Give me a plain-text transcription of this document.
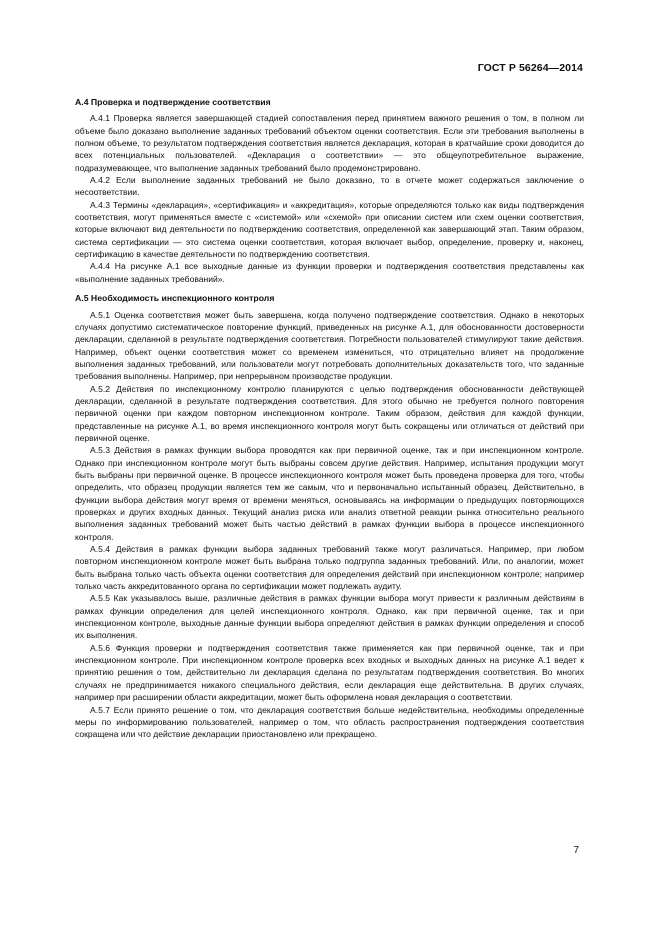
ГОСТ Р 56264—2014
А.4 Проверка и подтверждение соответствия

А.4.1 Проверка является завершающей стадией сопоставления перед принятием важного решения о том, в полном ли объеме было доказано выполнение заданных требований объектом оценки соответствия. Если эти требования выполнены в полном объеме, то результатом подтверждения соответствия является декларация, которая в кратчайшие сроки доводится до всех потенциальных пользователей. «Декларация о соответствии» — это общеупотребительное выражение, подразумевающее, что выполнение заданных требований было продемонстрировано.

А.4.2 Если выполнение заданных требований не было доказано, то в отчете может содержаться заключение о несоответствии.

А.4.3 Термины «декларация», «сертификация» и «аккредитация», которые определяются только как виды подтверждения соответствия, могут применяться вместе с «системой» или «схемой» при описании систем или схем оценки соответствия, которые включают вид деятельности по подтверждению соответствия, определенной как завершающий этап. Таким образом, система сертификации — это система оценки соответствия, которая включает выбор, определение, проверку и, наконец, сертификацию в качестве деятельности по подтверждению соответствия.

А.4.4 На рисунке А.1 все выходные данные из функции проверки и подтверждения соответствия представлены как «выполнение заданных требований».

А.5 Необходимость инспекционного контроля

А.5.1 Оценка соответствия может быть завершена, когда получено подтверждение соответствия. Однако в некоторых случаях допустимо систематическое повторение функций, приведенных на рисунке А.1, для обоснованности достоверности декларации, сделанной в результате подтверждения соответствия. Потребности пользователей стимулируют такие действия. Например, объект оценки соответствия может со временем измениться, что отрицательно влияет на продолжение выполнения заданных требований, или пользователи могут потребовать дополнительных доказательств того, что заданные требования выполнены. Например, при непрерывном производстве продукции.

А.5.2 Действия по инспекционному контролю планируются с целью подтверждения обоснованности действующей декларации, сделанной в результате подтверждения соответствия. Для этого обычно не требуется полного повторения первичной оценки при каждом повторном инспекционном контроле. Таким образом, действия для каждой функции, представленные на рисунке А.1, во время инспекционного контроля могут быть сокращены или отличаться от действий при первичной оценке.

А.5.3 Действия в рамках функции выбора проводятся как при первичной оценке, так и при инспекционном контроле. Однако при инспекционном контроле могут быть выбраны совсем другие действия. Например, испытания продукции могут быть выбраны при первичной оценке. В процессе инспекционного контроля может быть проведена проверка для того, чтобы определить, что образец продукции является тем же самым, что и первоначально испытанный образец. Действительно, в функции выбора действия могут время от времени меняться, основываясь на информации о предыдущих повторяющихся проверках и других входных данных. Текущий анализ риска или анализ ответной реакции рынка относительно реального выполнения заданных требований может быть частью действий в рамках функции выбора в процессе инспекционного контроля.

А.5.4 Действия в рамках функции выбора заданных требований также могут различаться. Например, при любом повторном инспекционном контроле может быть выбрана только подгруппа заданных требований. Или, по аналогии, может быть выбрана только часть объекта оценки соответствия для определения действий при инспекционном контроле; например только часть аккредитованного органа по сертификации может подлежать аудиту.

А.5.5 Как указывалось выше, различные действия в рамках функции выбора могут привести к различным действиям в рамках функции определения для целей инспекционного контроля. Однако, как при первичной оценке, так и при инспекционном контроле, выходные данные функции выбора определяют действия в рамках функции определения и способ их выполнения.

А.5.6 Функция проверки и подтверждения соответствия также применяется как при первичной оценке, так и при инспекционном контроле. При инспекционном контроле проверка всех входных и выходных данных на рисунке А.1 ведет к принятию решения о том, действительно ли декларация сделана по результатам подтверждения соответствия. Во многих случаях не предпринимается никакого специального действия, если декларация еще действительна. В других случаях, например при расширении области аккредитации, может быть оформлена новая декларация о соответствии.

А.5.7 Если принято решение о том, что декларация соответствия больше недействительна, необходимы определенные меры по информированию пользователей, например о том, что область распространения подтверждения соответствия сокращена или что действие декларации приостановлено или прекращено.

7
